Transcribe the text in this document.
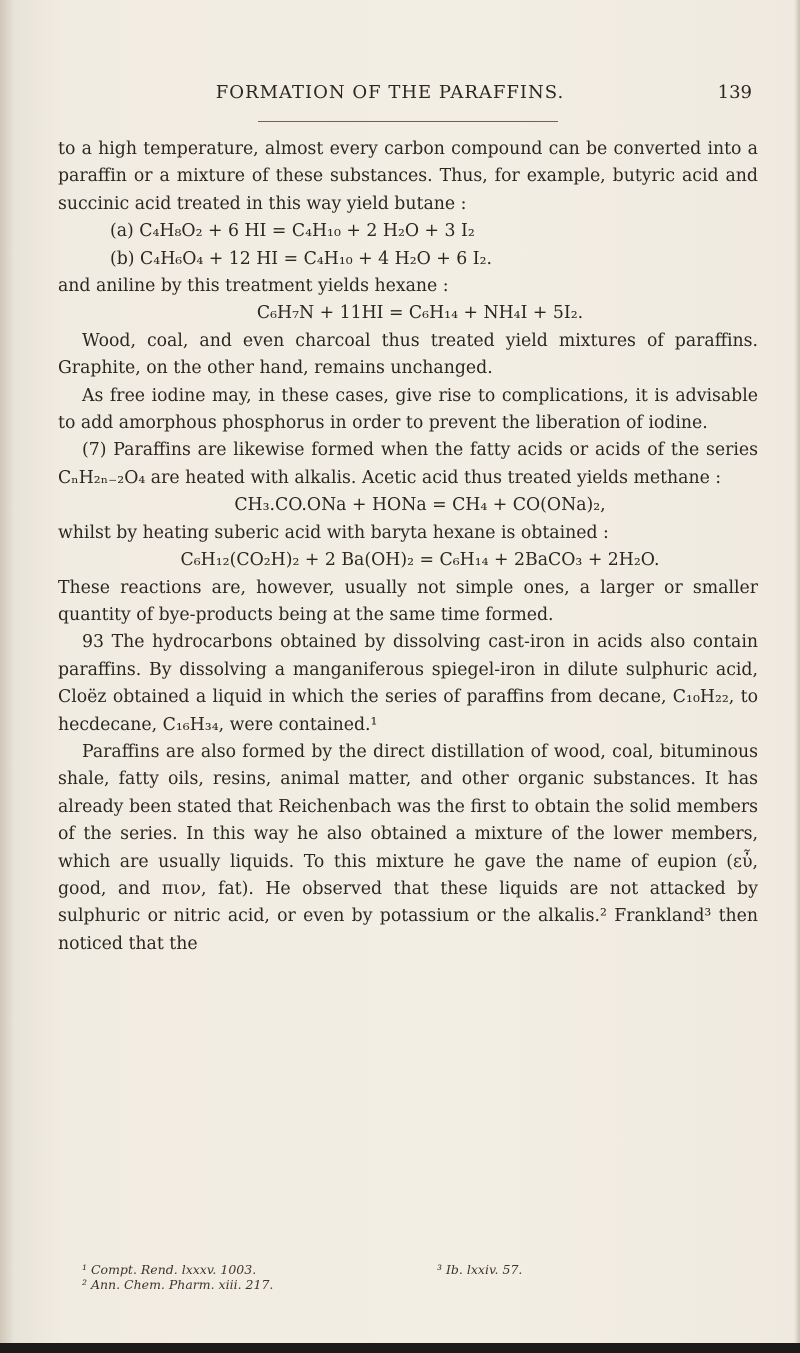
FORMATION OF THE PARAFFINS.	139

to a high temperature, almost every carbon compound can be converted into a paraffin or a mixture of these substances. Thus, for example, butyric acid and succinic acid treated in this way yield butane :

(a) C₄H₈O₂ + 6 HI = C₄H₁₀ + 2 H₂O + 3 I₂

(b) C₄H₆O₄ + 12 HI = C₄H₁₀ + 4 H₂O + 6 I₂.

and aniline by this treatment yields hexane :

C₆H₇N + 11HI = C₆H₁₄ + NH₄I + 5I₂.

Wood, coal, and even charcoal thus treated yield mixtures of paraffins. Graphite, on the other hand, remains unchanged.

As free iodine may, in these cases, give rise to complications, it is advisable to add amorphous phosphorus in order to prevent the liberation of iodine.

(7) Paraffins are likewise formed when the fatty acids or acids of the series CₙH₂ₙ₋₂O₄ are heated with alkalis. Acetic acid thus treated yields methane :

CH₃.CO.ONa + HONa = CH₄ + CO(ONa)₂,

whilst by heating suberic acid with baryta hexane is obtained :

C₆H₁₂(CO₂H)₂ + 2 Ba(OH)₂ = C₆H₁₄ + 2BaCO₃ + 2H₂O.

These reactions are, however, usually not simple ones, a larger or smaller quantity of bye-products being at the same time formed.

93 The hydrocarbons obtained by dissolving cast-iron in acids also contain paraffins. By dissolving a manganiferous spiegel-iron in dilute sulphuric acid, Cloëz obtained a liquid in which the series of paraffins from decane, C₁₀H₂₂, to hecdecane, C₁₆H₃₄, were contained.¹

Paraffins are also formed by the direct distillation of wood, coal, bituminous shale, fatty oils, resins, animal matter, and other organic substances. It has already been stated that Reichenbach was the first to obtain the solid members of the series. In this way he also obtained a mixture of the lower members, which are usually liquids. To this mixture he gave the name of eupion (εὖ, good, and πιον, fat). He observed that these liquids are not attacked by sulphuric or nitric acid, or even by potassium or the alkalis.² Frankland³ then noticed that the

¹ Compt. Rend. lxxxv. 1003.	³ Ib. lxxiv. 57.
² Ann. Chem. Pharm. xiii. 217.
